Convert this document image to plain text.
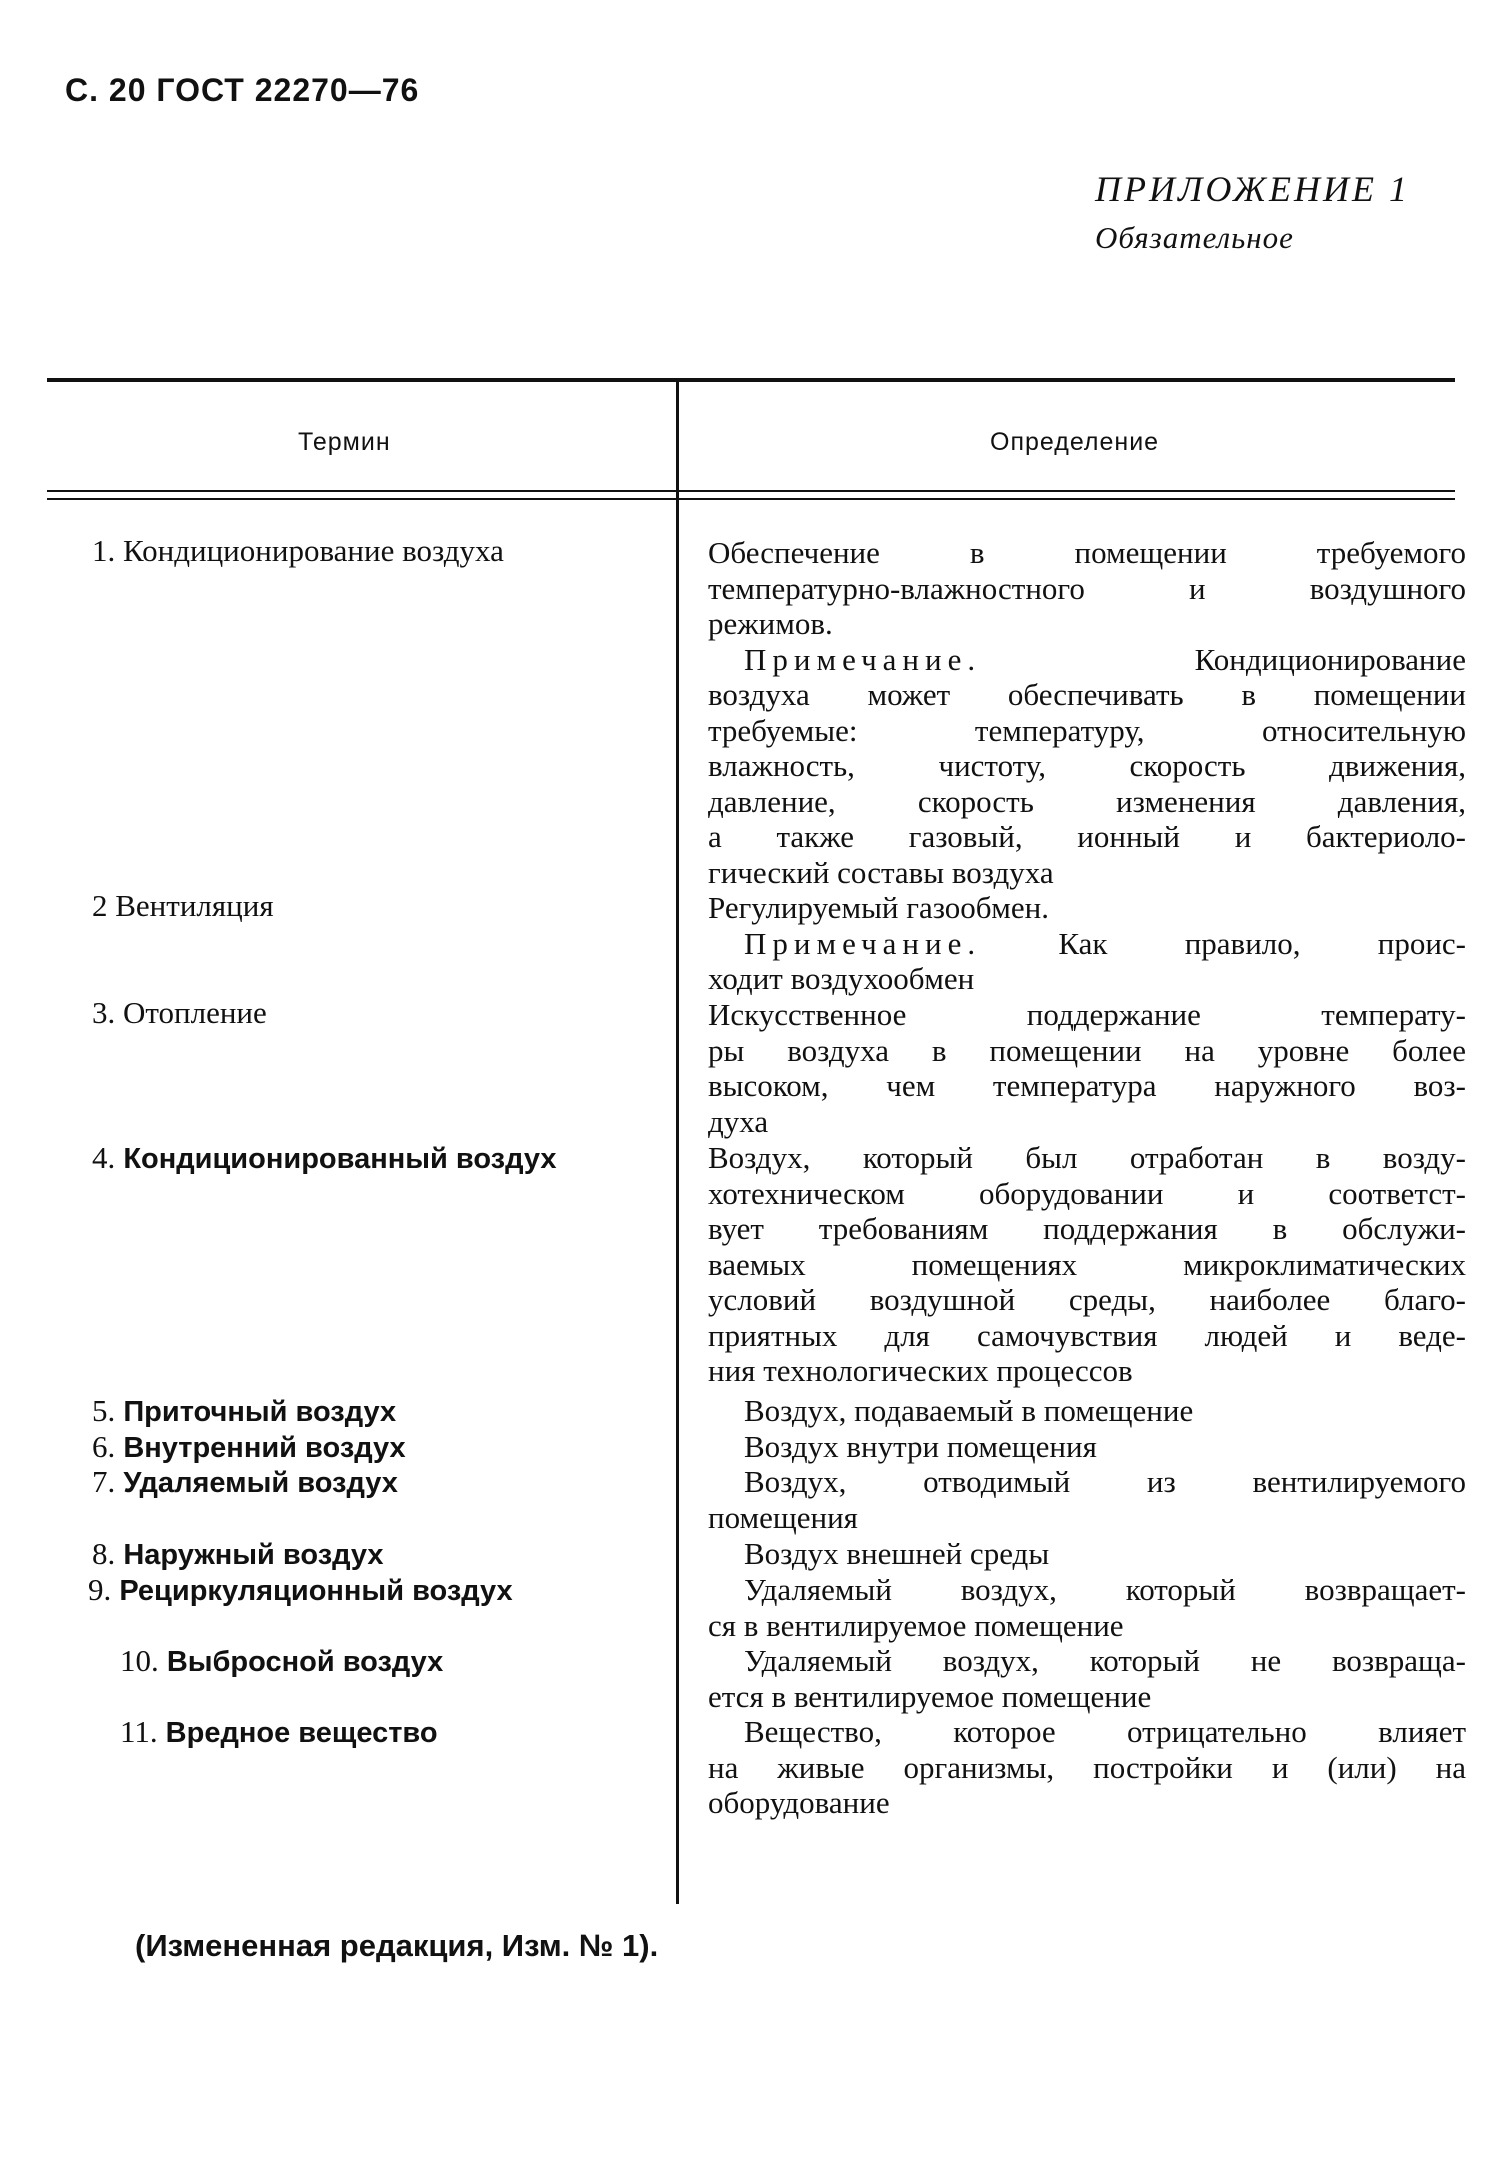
С. 20 ГОСТ 22270—76
ПРИЛОЖЕНИЕ 1
Обязательное
Термин	Определение
1. Кондиционирование воздуха	Обеспечение в помещении требуемого
температурно-влажностного и воздушного
режимов.
Примечание.	Кондиционирование
воздуха может обеспечивать в помещении
требуемые: температуру, относительную
влажность, чистоту, скорость движения,
давление, скорость изменения давления,
а также газовый, ионный и бактериоло-
гический составы воздуха
2 Вентиляция	Регулируемый газообмен.
Примечание. Как правило, проис-
ходит воздухообмен
3. Отопление	Искусственное поддержание температу-
ры воздуха в помещении на уровне более
высоком, чем температура наружного воз-
духа
4. Кондиционированный воздух	Воздух, который был отработан в возду-
хотехническом оборудовании и соответст-
вует требованиям поддержания в обслужи-
ваемых помещениях микроклиматических
условий воздушной среды, наиболее благо-
приятных для самочувствия людей и веде-
ния технологических процессов
5. Приточный воздух	Воздух, подаваемый в помещение
6. Внутренний воздух	Воздух внутри помещения
7. Удаляемый воздух	Воздух, отводимый из вентилируемого
помещения
8. Наружный воздух	Воздух внешней среды
9. Рециркуляционный воздух	Удаляемый воздух, который возвращает-
ся в вентилируемое помещение
10. Выбросной воздух	Удаляемый воздух, который не возвраща-
ется в вентилируемое помещение
11. Вредное вещество	Вещество, которое отрицательно влияет
на живые организмы, постройки и (или) на
оборудование
(Измененная редакция, Изм. № 1).
